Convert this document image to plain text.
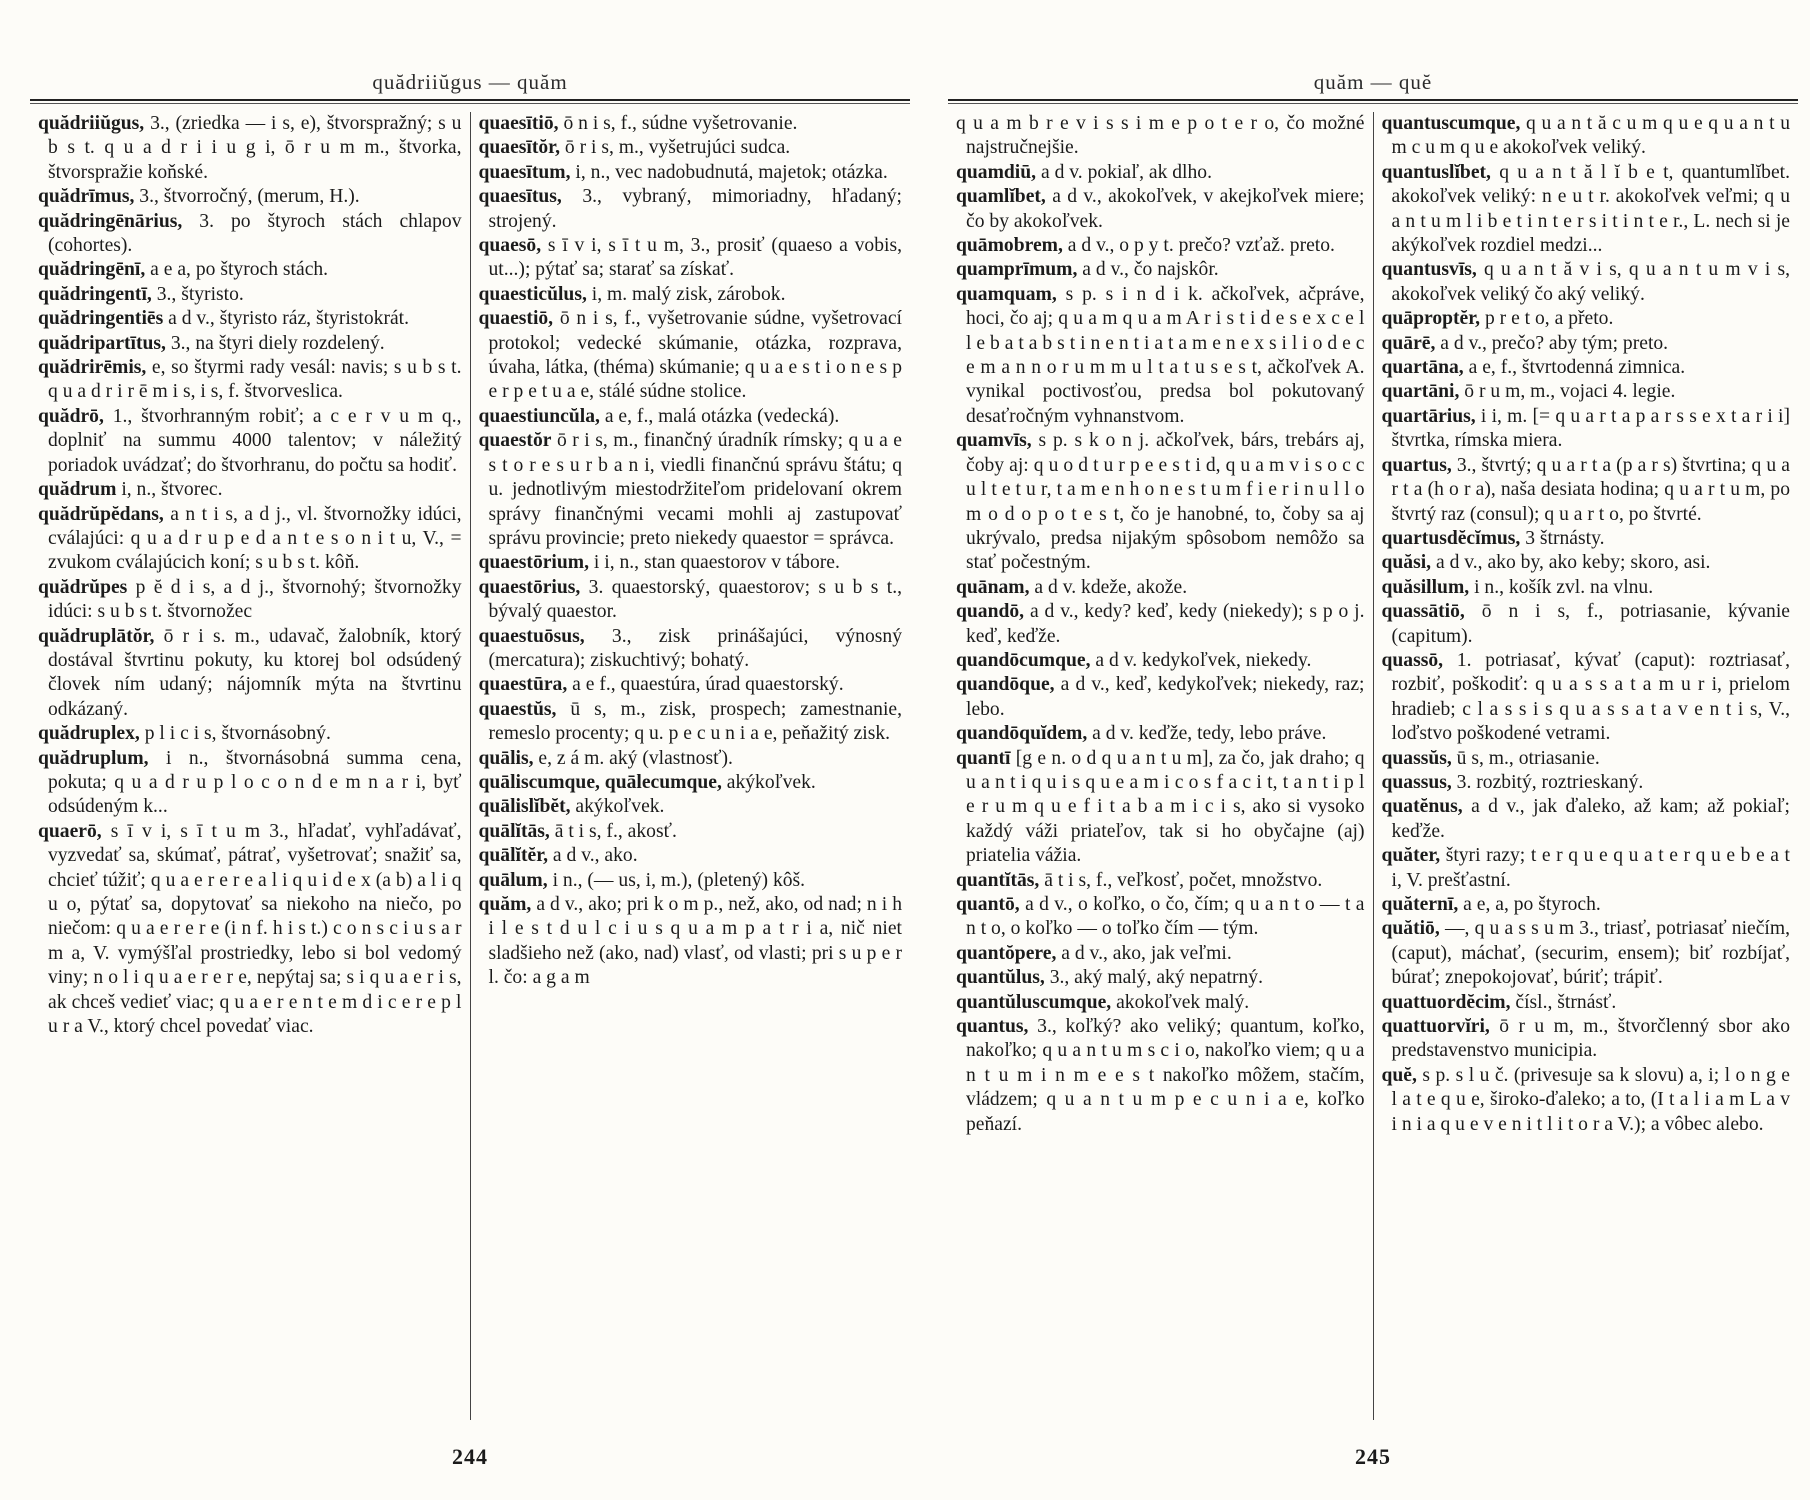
quădriiŭgus — quăm

quădriiŭgus, 3., (zriedka — i s, e), štvorspražný; s u b s t. q u a d r i i u g i, ō r u m m., štvorka, štvorspražie koňské.

quădrīmus, 3., štvorročný, (merum, H.).

quădringēnārius, 3. po štyroch stách chlapov (cohortes).

quădringēnī, a e a, po štyroch stách.

quădringentī, 3., štyristo.

quădringentiēs a d v., štyristo ráz, štyristokrát.

quădripartītus, 3., na štyri diely rozdelený.

quădrirēmis, e, so štyrmi rady vesál: navis; s u b s t. q u a d r i r ē m i s, i s, f. štvorveslica.

quădrō, 1., štvorhranným robiť; a c e r v u m q., doplniť na summu 4000 talentov; v náležitý poriadok uvádzať; do štvorhranu, do počtu sa hodiť.

quădrum i, n., štvorec.

quădrŭpĕdans, a n t i s, a d j., vl. štvornožky idúci, cválajúci: q u a d r u p e d a n t e s o n i t u, V., = zvukom cválajúcich koní; s u b s t. kôň.

quădrŭpes p ĕ d i s, a d j., štvornohý; štvornožky idúci: s u b s t. štvornožec

quădruplātŏr, ō r i s. m., udavač, žalobník, ktorý dostával štvrtinu pokuty, ku ktorej bol odsúdený človek ním udaný; nájomník mýta na štvrtinu odkázaný.

quădruplex, p l i c i s, štvornásobný.

quădruplum, i n., štvornásobná summa cena, pokuta; q u a d r u p l o c o n d e m n a r i, byť odsúdeným k...

quaerō, s ī v i, s ī t u m 3., hľadať, vyhľadávať, vyzvedať sa, skúmať, pátrať, vyšetrovať; snažiť sa, chcieť túžiť; q u a e r e r e a l i q u i d e x (a b) a l i q u o, pýtať sa, dopytovať sa niekoho na niečo, po niečom: q u a e r e r e (i n f. h i s t.) c o n s c i u s a r m a, V. vymýšľal prostriedky, lebo si bol vedomý viny; n o l i q u a e r e r e, nepýtaj sa; s i q u a e r i s, ak chceš vedieť viac; q u a e r e n t e m d i c e r e p l u r a V., ktorý chcel povedať viac.

quaesītiō, ō n i s, f., súdne vyšetrovanie.

quaesītŏr, ō r i s, m., vyšetrujúci sudca.

quaesītum, i, n., vec nadobudnutá, majetok; otázka.

quaesītus, 3., vybraný, mimoriadny, hľadaný; strojený.

quaesō, s ī v i, s ī t u m, 3., prosiť (quaeso a vobis, ut...); pýtať sa; starať sa získať.

quaesticŭlus, i, m. malý zisk, zárobok.

quaestiō, ō n i s, f., vyšetrovanie súdne, vyšetrovací protokol; vedecké skúmanie, otázka, rozprava, úvaha, látka, (théma) skúmanie; q u a e s t i o n e s p e r p e t u a e, stálé súdne stolice.

quaestiuncŭla, a e, f., malá otázka (vedecká).

quaestŏr ō r i s, m., finančný úradník rímsky; q u a e s t o r e s u r b a n i, viedli finančnú správu štátu; q u. jednotlivým miestodržiteľom pridelovaní okrem správy finančnými vecami mohli aj zastupovať správu provincie; preto niekedy quaestor = správca.

quaestōrium, i i, n., stan quaestorov v tábore.

quaestōrius, 3. quaestorský, quaestorov; s u b s t., bývalý quaestor.

quaestuōsus, 3., zisk prinášajúci, výnosný (mercatura); ziskuchtivý; bohatý.

quaestūra, a e f., quaestúra, úrad quaestorský.

quaestŭs, ū s, m., zisk, prospech; zamestnanie, remeslo procenty; q u. p e c u n i a e, peňažitý zisk.

quālis, e, z á m. aký (vlastnosť).

quāliscumque, quālecumque, akýkoľvek.

quālislĭbĕt, akýkoľvek.

quālĭtās, ā t i s, f., akosť.

quālĭtĕr, a d v., ako.

quālum, i n., (— us, i, m.), (pletený) kôš.

quăm, a d v., ako; pri k o m p., než, ako, od nad; n i h i l e s t d u l c i u s q u a m p a t r i a, nič niet sladšieho než (ako, nad) vlasť, od vlasti; pri s u p e r l. čo: a g a m

244
quăm — quĕ

q u a m b r e v i s s i m e p o t e r o, čo možné najstručnejšie.

quamdiū, a d v. pokiaľ, ak dlho.

quamlĭbet, a d v., akokoľvek, v akejkoľvek miere; čo by akokoľvek.

quāmobrem, a d v., o p y t. prečo? vzťaž. preto.

quamprīmum, a d v., čo najskôr.

quamquam, s p. s i n d i k. ačkoľvek, ačpráve, hoci, čo aj; q u a m q u a m A r i s t i d e s e x c e l l e b a t a b s t i n e n t i a t a m e n e x s i l i o d e c e m a n n o r u m m u l t a t u s e s t, ačkoľvek A. vynikal poctivosťou, predsa bol pokutovaný desaťročným vyhnanstvom.

quamvīs, s p. s k o n j. ačkoľvek, bárs, trebárs aj, čoby aj: q u o d t u r p e e s t i d, q u a m v i s o c c u l t e t u r, t a m e n h o n e s t u m f i e r i n u l l o m o d o p o t e s t, čo je hanobné, to, čoby sa aj ukrývalo, predsa nijakým spôsobom nemôžo sa stať počestným.

quānam, a d v. kdeže, akože.

quandō, a d v., kedy? keď, kedy (niekedy); s p o j. keď, keďže.

quandōcumque, a d v. kedykoľvek, niekedy.

quandōque, a d v., keď, kedykoľvek; niekedy, raz; lebo.

quandōquĭdem, a d v. keďže, tedy, lebo práve.

quantī [g e n. o d q u a n t u m], za čo, jak draho; q u a n t i q u i s q u e a m i c o s f a c i t, t a n t i p l e r u m q u e f i t a b a m i c i s, ako si vysoko každý váži priateľov, tak si ho obyčajne (aj) priatelia vážia.

quantĭtās, ā t i s, f., veľkosť, počet, množstvo.

quantō, a d v., o koľko, o čo, čím; q u a n t o — t a n t o, o koľko — o toľko čím — tým.

quantŏpere, a d v., ako, jak veľmi.

quantŭlus, 3., aký malý, aký nepatrný.

quantŭluscumque, akokoľvek malý.

quantus, 3., koľký? ako veliký; quantum, koľko, nakoľko; q u a n t u m s c i o, nakoľko viem; q u a n t u m i n m e e s t nakoľko môžem, stačím, vládzem; q u a n t u m p e c u n i a e, koľko peňazí.

quantuscumque, q u a n t ă c u m q u e q u a n t u m c u m q u e akokoľvek veliký.

quantuslĭbet, q u a n t ă l ĭ b e t, quantumlĭbet. akokoľvek veliký: n e u t r. akokoľvek veľmi; q u a n t u m l i b e t i n t e r s i t i n t e r., L. nech si je akýkoľvek rozdiel medzi...

quantusvīs, q u a n t ă v i s, q u a n t u m v i s, akokoľvek veliký čo aký veliký.

quāproptĕr, p r e t o, a přeto.

quārē, a d v., prečo? aby tým; preto.

quartāna, a e, f., štvrtodenná zimnica.

quartāni, ō r u m, m., vojaci 4. legie.

quartārius, i i, m. [= q u a r t a p a r s s e x t a r i i] štvrtka, rímska miera.

quartus, 3., štvrtý; q u a r t a (p a r s) štvrtina; q u a r t a (h o r a), naša desiata hodina; q u a r t u m, po štvrtý raz (consul); q u a r t o, po štvrté.

quartusdĕcĭmus, 3 štrnásty.

quăsi, a d v., ako by, ako keby; skoro, asi.

quăsillum, i n., košík zvl. na vlnu.

quassātiō, ō n i s, f., potriasanie, kývanie (capitum).

quassō, 1. potriasať, kývať (caput): roztriasať, rozbiť, poškodiť: q u a s s a t a m u r i, prielom hradieb; c l a s s i s q u a s s a t a v e n t i s, V., loďstvo poškodené vetrami.

quassŭs, ū s, m., otriasanie.

quassus, 3. rozbitý, roztrieskaný.

quatĕnus, a d v., jak ďaleko, až kam; až pokiaľ; keďže.

quăter, štyri razy; t e r q u e q u a t e r q u e b e a t i, V. prešťastní.

quăternī, a e, a, po štyroch.

quătiō, —, q u a s s u m 3., triasť, potriasať niečím, (caput), máchať, (securim, ensem); biť rozbíjať, búrať; znepokojovať, búriť; trápiť.

quattuordĕcim, čísl., štrnásť.

quattuorvĭri, ō r u m, m., štvorčlenný sbor ako predstavenstvo municipia.

quĕ, s p. s l u č. (privesuje sa k slovu) a, i; l o n g e l a t e q u e, široko-ďaleko; a to, (I t a l i a m L a v i n i a q u e v e n i t l i t o r a V.); a vôbec alebo.

245
